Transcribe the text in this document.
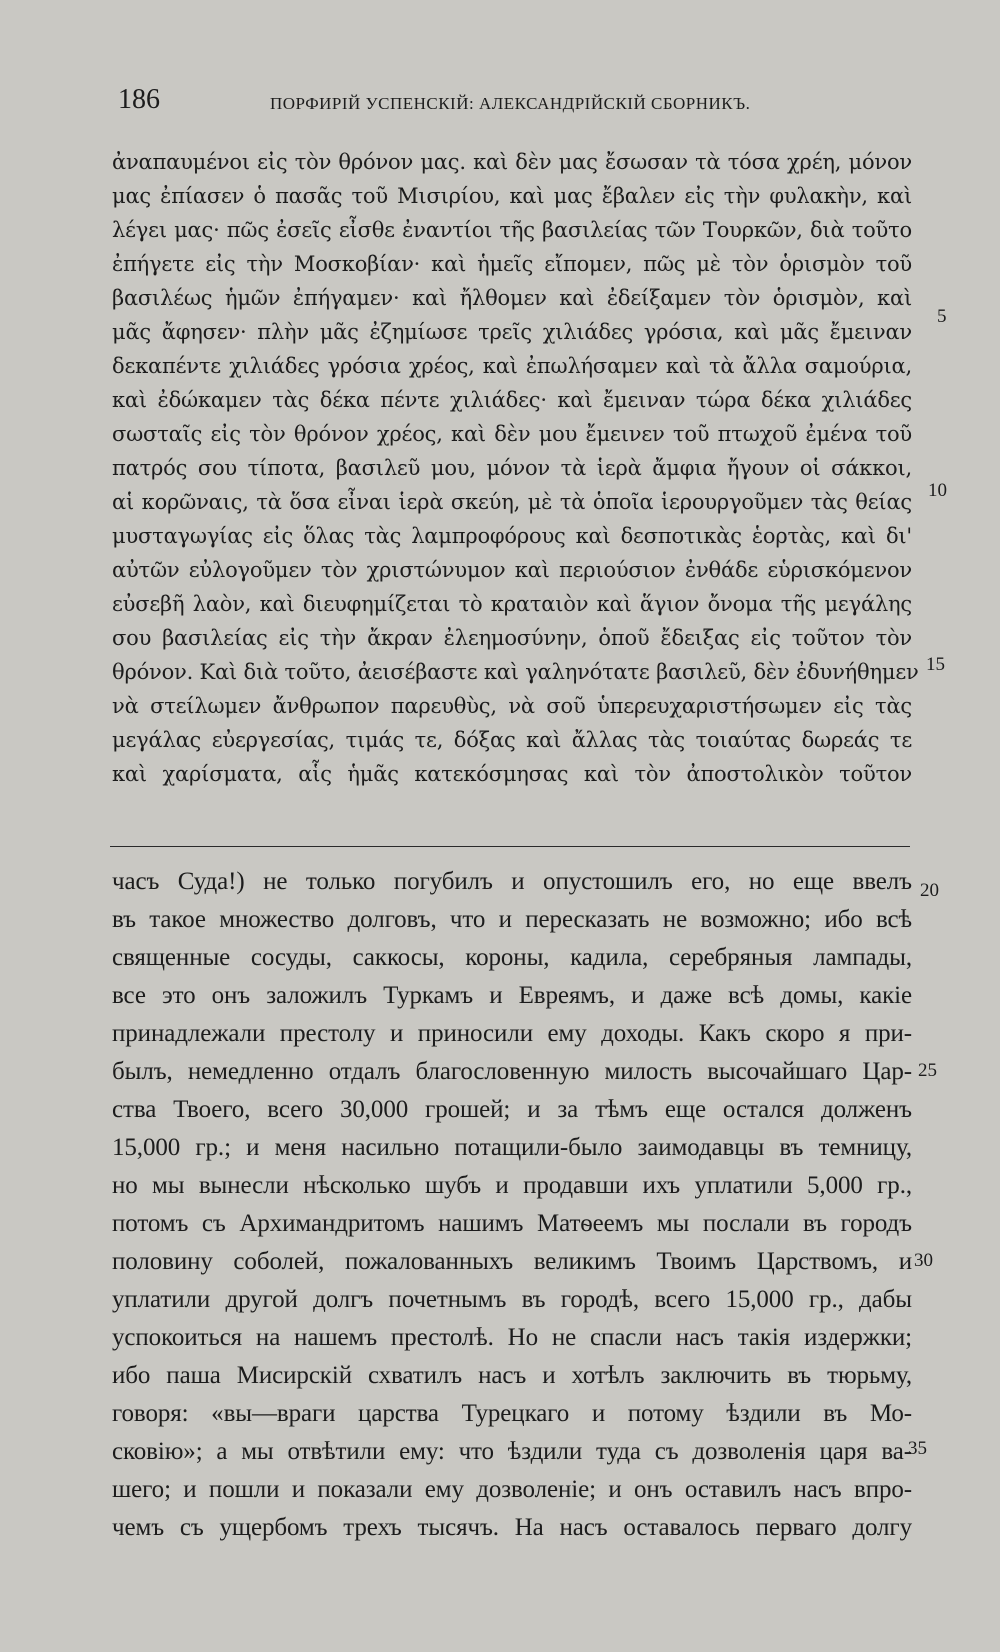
186	ПОРФИРІЙ УСПЕНСКІЙ: АЛЕКСАНДРІЙСКІЙ СБОРНИКЪ.
ἀναπαυμένοι εἰς τὸν θρόνον μας. καὶ δὲν μας ἔσωσαν τὰ τόσα χρέη, μόνον
μας ἐπίασεν ὁ πασᾶς τοῦ Μισιρίου, καὶ μας ἔβαλεν εἰς τὴν φυλακὴν, καὶ
λέγει μας· πῶς ἐσεῖς εἶσθε ἐναντίοι τῆς βασιλείας τῶν Τουρκῶν, διὰ τοῦτο
ἐπήγετε εἰς τὴν Μοσκοβίαν· καὶ ἡμεῖς εἴπομεν, πῶς μὲ τὸν ὁρισμὸν τοῦ
βασιλέως ἡμῶν ἐπήγαμεν· καὶ ἤλθομεν καὶ ἐδείξαμεν τὸν ὁρισμὸν, καὶ
μᾶς ἄφησεν· πλὴν μᾶς ἐζημίωσε τρεῖς χιλιάδες γρόσια, καὶ μᾶς ἔμειναν
δεκαπέντε χιλιάδες γρόσια χρέος, καὶ ἐπωλήσαμεν καὶ τὰ ἄλλα σαμούρια,
καὶ ἐδώκαμεν τὰς δέκα πέντε χιλιάδες· καὶ ἔμειναν τώρα δέκα χιλιάδες
σωσταῖς εἰς τὸν θρόνον χρέος, καὶ δὲν μου ἔμεινεν τοῦ πτωχοῦ ἐμένα τοῦ
πατρός σου τίποτα, βασιλεῦ μου, μόνον τὰ ἱερὰ ἄμφια ἤγουν οἱ σάκκοι,
αἱ κορῶναις, τὰ ὅσα εἶναι ἱερὰ σκεύη, μὲ τὰ ὁποῖα ἱερουργοῦμεν τὰς θείας
μυσταγωγίας εἰς ὅλας τὰς λαμπροφόρους καὶ δεσποτικὰς ἑορτὰς, καὶ δι'
αὐτῶν εὐλογοῦμεν τὸν χριστώνυμον καὶ περιούσιον ἐνθάδε εὑρισκόμενον
εὐσεβῆ λαὸν, καὶ διευφημίζεται τὸ κραταιὸν καὶ ἅγιον ὄνομα τῆς μεγάλης
σου βασιλείας εἰς τὴν ἄκραν ἐλεημοσύνην, ὁποῦ ἔδειξας εἰς τοῦτον τὸν
θρόνον. Καὶ διὰ τοῦτο, ἀεισέβαστε καὶ γαληνότατε βασιλεῦ, δὲν ἐδυνήθημεν
νὰ στείλωμεν ἄνθρωπον παρευθὺς, νὰ σοῦ ὑπερευχαριστήσωμεν εἰς τὰς
μεγάλας εὐεργεσίας, τιμάς τε, δόξας καὶ ἄλλας τὰς τοιαύτας δωρεάς τε
καὶ χαρίσματα, αἷς ἡμᾶς κατεκόσμησας καὶ τὸν ἀποστολικὸν τοῦτον
часъ Суда!) не только погубилъ и опустошилъ его, но еще ввелъ
въ такое множество долговъ, что и пересказать не возможно; ибо всѣ
священные сосуды, саккосы, короны, кадила, серебряныя лампады,
все это онъ заложилъ Туркамъ и Евреямъ, и даже всѣ домы, какіе
принадлежали престолу и приносили ему доходы. Какъ скоро я при-
былъ, немедленно отдалъ благословенную милость высочайшаго Цар-
ства Твоего, всего 30,000 грошей; и за тѣмъ еще остался долженъ
15,000 гр.; и меня насильно потащили-было заимодавцы въ темницу,
но мы вынесли нѣсколько шубъ и продавши ихъ уплатили 5,000 гр.,
потомъ съ Архимандритомъ нашимъ Матѳеемъ мы послали въ городъ
половину соболей, пожалованныхъ великимъ Твоимъ Царствомъ, и
уплатили другой долгъ почетнымъ въ городѣ, всего 15,000 гр., дабы
успокоиться на нашемъ престолѣ. Но не спасли насъ такія издержки;
ибо паша Мисирскій схватилъ насъ и хотѣлъ заключить въ тюрьму,
говоря: «вы—враги царства Турецкаго и потому ѣздили въ Мо-
сковію»; а мы отвѣтили ему: что ѣздили туда съ дозволенія царя ва-
шего; и пошли и показали ему дозволеніе; и онъ оставилъ насъ впро-
чемъ съ ущербомъ трехъ тысячъ. На насъ оставалось перваго долгу
5
10
15
20
25
30
35
